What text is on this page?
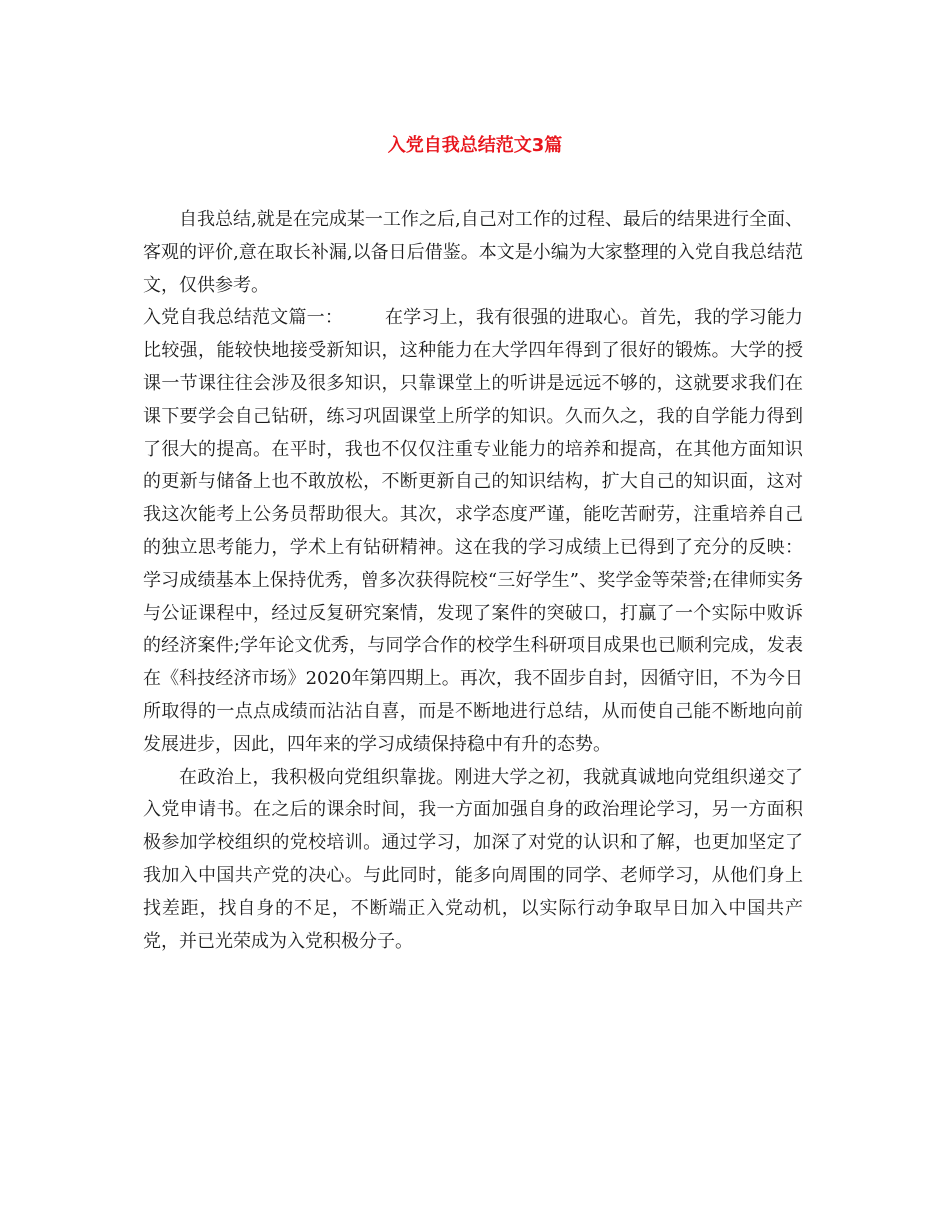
入党自我总结范文3篇

自我总结,就是在完成某一工作之后,自己对工作的过程、最后的结果进行全面、客观的评价,意在取长补漏,以备日后借鉴。本文是小编为大家整理的入党自我总结范文，仅供参考。

入党自我总结范文篇一： 在学习上，我有很强的进取心。首先，我的学习能力比较强，能较快地接受新知识，这种能力在大学四年得到了很好的锻炼。大学的授课一节课往往会涉及很多知识，只靠课堂上的听讲是远远不够的，这就要求我们在课下要学会自己钻研，练习巩固课堂上所学的知识。久而久之，我的自学能力得到了很大的提高。在平时，我也不仅仅注重专业能力的培养和提高，在其他方面知识的更新与储备上也不敢放松，不断更新自己的知识结构，扩大自己的知识面，这对我这次能考上公务员帮助很大。其次，求学态度严谨，能吃苦耐劳，注重培养自己的独立思考能力，学术上有钻研精神。这在我的学习成绩上已得到了充分的反映：学习成绩基本上保持优秀，曾多次获得院校“三好学生”、奖学金等荣誉;在律师实务与公证课程中，经过反复研究案情，发现了案件的突破口，打赢了一个实际中败诉的经济案件;学年论文优秀，与同学合作的校学生科研项目成果也已顺利完成，发表在《科技经济市场》2020年第四期上。再次，我不固步自封，因循守旧，不为今日所取得的一点点成绩而沾沾自喜，而是不断地进行总结，从而使自己能不断地向前发展进步，因此，四年来的学习成绩保持稳中有升的态势。

在政治上，我积极向党组织靠拢。刚进大学之初，我就真诚地向党组织递交了入党申请书。在之后的课余时间，我一方面加强自身的政治理论学习，另一方面积极参加学校组织的党校培训。通过学习，加深了对党的认识和了解，也更加坚定了我加入中国共产党的决心。与此同时，能多向周围的同学、老师学习，从他们身上找差距，找自身的不足，不断端正入党动机，以实际行动争取早日加入中国共产党，并已光荣成为入党积极分子。
